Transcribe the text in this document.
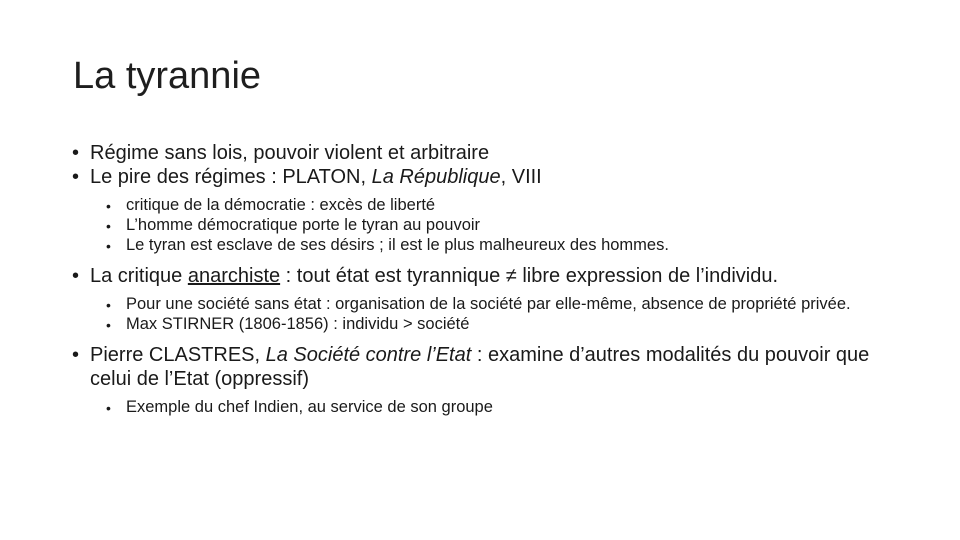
La tyrannie
• Régime sans lois, pouvoir violent et arbitraire
• Le pire des régimes : PLATON, La République, VIII
• critique de la démocratie : excès de liberté
• L’homme démocratique porte le tyran au pouvoir
• Le tyran est esclave de ses désirs ; il est le plus malheureux des hommes.
• La critique anarchiste : tout état est tyrannique ≠ libre expression de l’individu.
• Pour une société sans état : organisation de la société par elle-même, absence de propriété privée.
• Max STIRNER (1806-1856) : individu > société
• Pierre CLASTRES, La Société contre l’Etat : examine d’autres modalités du pouvoir que celui de l’Etat (oppressif)
• Exemple du chef Indien, au service de son groupe
